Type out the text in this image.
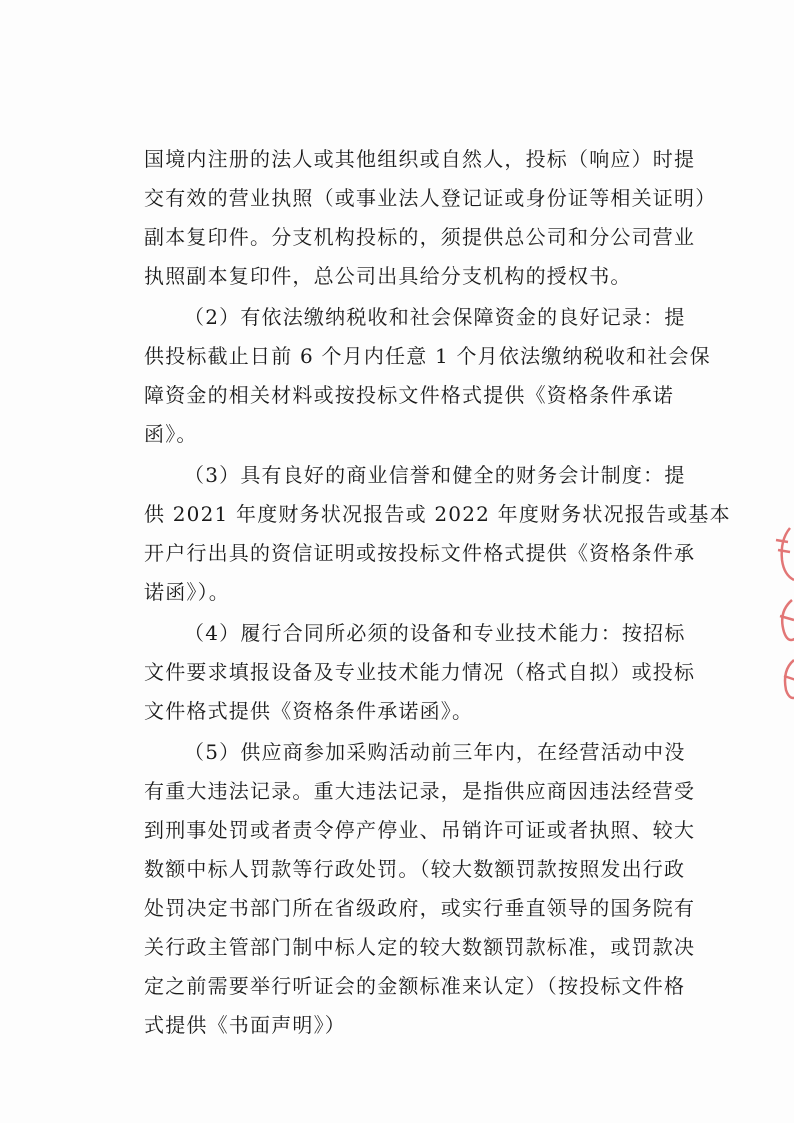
国境内注册的法人或其他组织或自然人，投标（响应）时提
交有效的营业执照（或事业法人登记证或身份证等相关证明）
副本复印件。分支机构投标的，须提供总公司和分公司营业
执照副本复印件，总公司出具给分支机构的授权书。
（2）有依法缴纳税收和社会保障资金的良好记录：提
供投标截止日前 6 个月内任意 1 个月依法缴纳税收和社会保
障资金的相关材料或按投标文件格式提供《资格条件承诺
函》。
（3）具有良好的商业信誉和健全的财务会计制度：提
供 2021 年度财务状况报告或 2022 年度财务状况报告或基本
开户行出具的资信证明或按投标文件格式提供《资格条件承
诺函》）。
（4）履行合同所必须的设备和专业技术能力：按招标
文件要求填报设备及专业技术能力情况（格式自拟）或投标
文件格式提供《资格条件承诺函》。
（5）供应商参加采购活动前三年内，在经营活动中没
有重大违法记录。重大违法记录，是指供应商因违法经营受
到刑事处罚或者责令停产停业、吊销许可证或者执照、较大
数额中标人罚款等行政处罚。（较大数额罚款按照发出行政
处罚决定书部门所在省级政府，或实行垂直领导的国务院有
关行政主管部门制中标人定的较大数额罚款标准，或罚款决
定之前需要举行听证会的金额标准来认定）（按投标文件格
式提供《书面声明》）
